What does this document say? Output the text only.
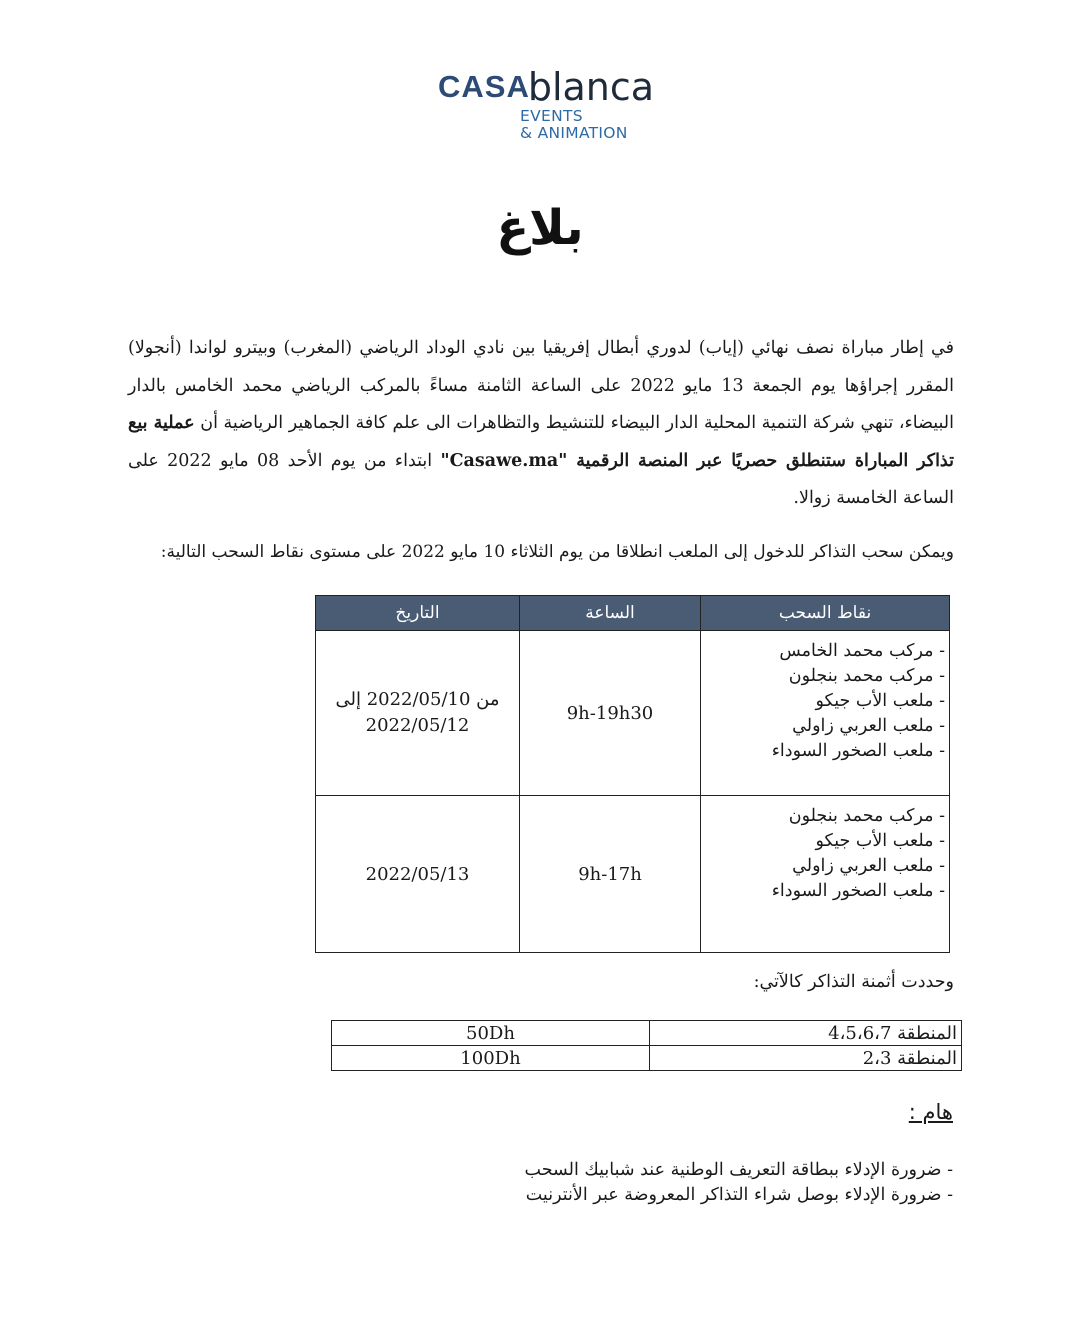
CASA
blanca
EVENTS
& ANIMATION
بلاغ
في إطار مباراة نصف نهائي (إياب) لدوري أبطال إفريقيا بين نادي الوداد الرياضي (المغرب) وبيترو لواندا (أنجولا) المقرر إجراؤها يوم الجمعة 13 مايو 2022 على الساعة الثامنة مساءً بالمركب الرياضي محمد الخامس بالدار البيضاء، تنهي شركة التنمية المحلية الدار البيضاء للتنشيط والتظاهرات الى علم كافة الجماهير الرياضية أن عملية بيع تذاكر المباراة ستنطلق حصريًا عبر المنصة الرقمية "Casawe.ma" ابتداء من يوم الأحد 08 مايو 2022 على الساعة الخامسة زوالا.
ويمكن سحب التذاكر للدخول إلى الملعب انطلاقا من يوم الثلاثاء 10 مايو 2022 على مستوى نقاط السحب التالية:
نقاط السحب	الساعة	التاريخ

- مركب محمد الخامس
- مركب محمد بنجلون
- ملعب الأب جيكو
- ملعب العربي زاولي
- ملعب الصخور السوداء	9h-19h30	من 2022/05/10 إلى 2022/05/12

- مركب محمد بنجلون
- ملعب الأب جيكو
- ملعب العربي زاولي
- ملعب الصخور السوداء	9h-17h	2022/05/13
وحددت أثمنة التذاكر كالآتي:
المنطقة 4،5،6،7	50Dh
المنطقة 2،3	100Dh
هام :
- ضرورة الإدلاء ببطاقة التعريف الوطنية عند شبابيك السحب
- ضرورة الإدلاء بوصل شراء التذاكر المعروضة عبر الأنترنيت
